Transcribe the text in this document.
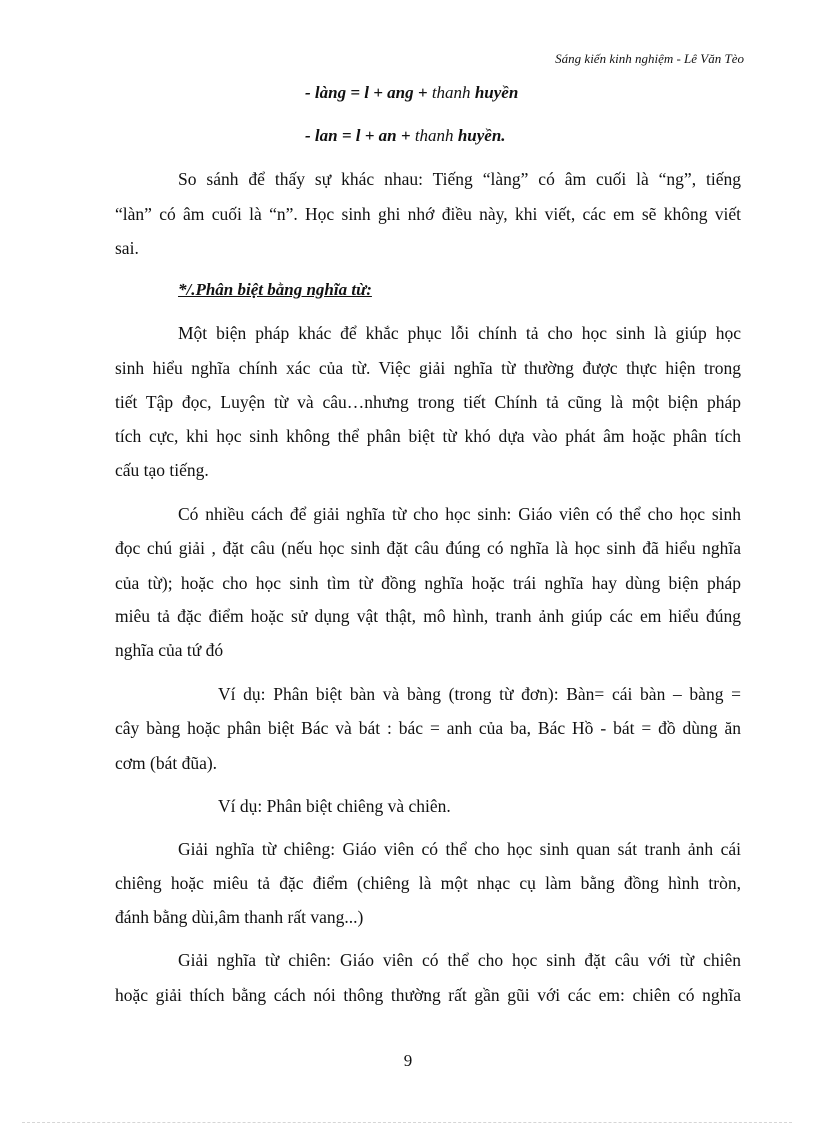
Sáng kiến kinh nghiệm - Lê Văn Tèo
- làng = l + ang + thanh huyền
- lan = l + an + thanh huyền.
So sánh để thấy sự khác nhau: Tiếng “làng” có âm cuối là “ng”, tiếng
“làn” có âm cuối là “n”. Học sinh ghi nhớ điều này, khi viết, các em sẽ không viết
sai.
*/.Phân biệt bằng nghĩa từ:
Một biện pháp khác để khắc phục lỗi chính tả cho học sinh là giúp học
sinh hiểu nghĩa chính xác của từ. Việc giải nghĩa từ thường được thực hiện trong
tiết Tập đọc, Luyện từ và câu…nhưng trong tiết Chính tả cũng là một biện pháp
tích cực, khi học sinh không thể phân biệt từ khó dựa vào phát âm hoặc phân tích
cấu tạo tiếng.
Có nhiều cách để giải nghĩa từ cho học sinh: Giáo viên có thể cho học sinh
đọc chú giải , đặt câu (nếu học sinh đặt câu đúng có nghĩa là học sinh đã hiểu nghĩa
của từ); hoặc cho học sinh tìm từ đồng nghĩa hoặc trái nghĩa hay dùng biện pháp
miêu tả đặc điểm hoặc sử dụng vật thật, mô hình, tranh ảnh giúp các em hiểu đúng
nghĩa của tứ đó
Ví dụ: Phân biệt bàn và bàng (trong từ đơn): Bàn= cái bàn – bàng =
cây bàng hoặc phân biệt Bác và bát : bác = anh của ba, Bác Hồ - bát = đồ dùng ăn
cơm (bát đũa).
Ví dụ: Phân biệt chiêng và chiên.
Giải nghĩa từ chiêng: Giáo viên có thể cho học sinh quan sát tranh ảnh cái
chiêng hoặc miêu tả đặc điểm (chiêng là một nhạc cụ làm bằng đồng hình tròn,
đánh bằng dùi,âm thanh rất vang...)
Giải nghĩa từ chiên: Giáo viên có thể cho học sinh đặt câu với từ chiên
hoặc giải thích bằng cách nói thông thường rất gần gũi với các em: chiên có nghĩa
9
